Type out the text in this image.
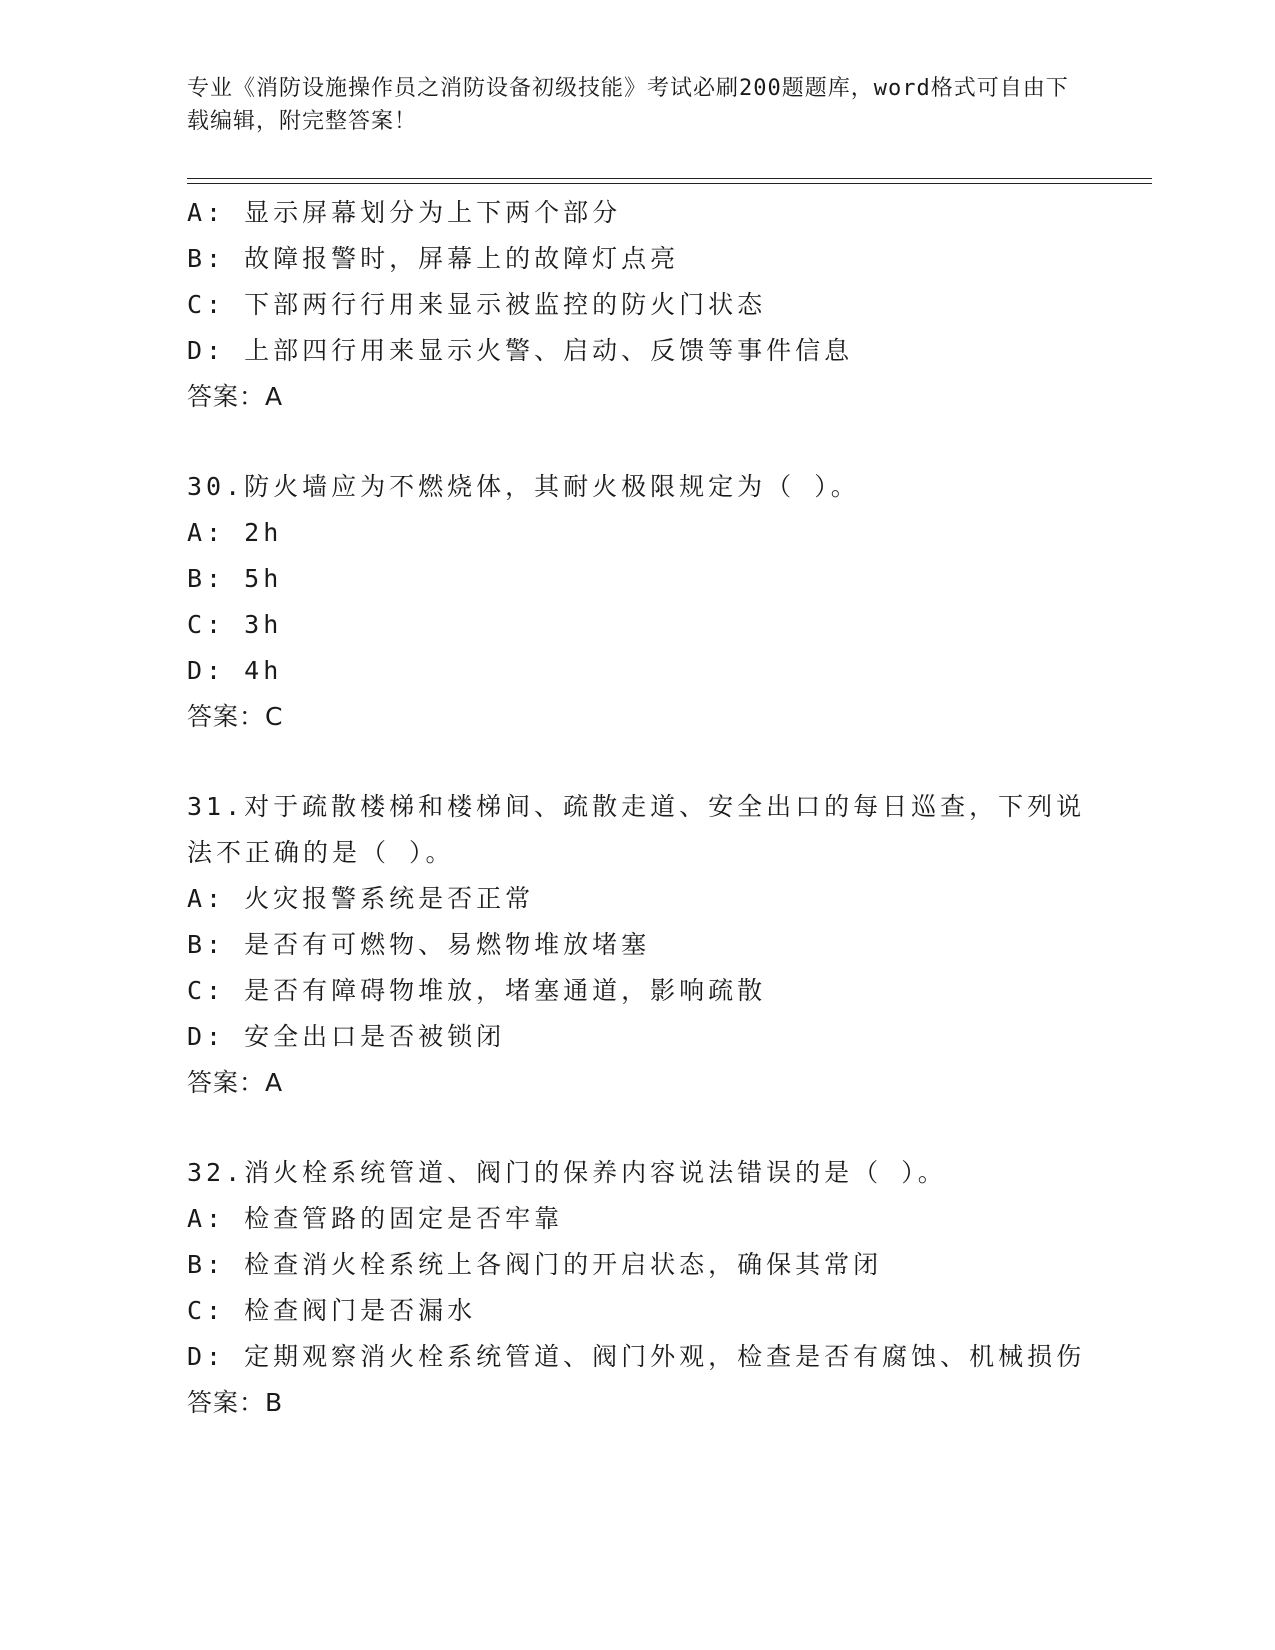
专业《消防设施操作员之消防设备初级技能》考试必刷200题题库，word格式可自由下载编辑，附完整答案！
A: 显示屏幕划分为上下两个部分
B: 故障报警时，屏幕上的故障灯点亮
C: 下部两行行用来显示被监控的防火门状态
D: 上部四行用来显示火警、启动、反馈等事件信息
答案：A
30.防火墙应为不燃烧体，其耐火极限规定为（ ）。
A: 2h
B: 5h
C: 3h
D: 4h
答案：C
31.对于疏散楼梯和楼梯间、疏散走道、安全出口的每日巡查，下列说法不正确的是（ ）。
A: 火灾报警系统是否正常
B: 是否有可燃物、易燃物堆放堵塞
C: 是否有障碍物堆放，堵塞通道，影响疏散
D: 安全出口是否被锁闭
答案：A
32.消火栓系统管道、阀门的保养内容说法错误的是（ ）。
A: 检查管路的固定是否牢靠
B: 检查消火栓系统上各阀门的开启状态，确保其常闭
C: 检查阀门是否漏水
D: 定期观察消火栓系统管道、阀门外观，检查是否有腐蚀、机械损伤
答案：B
